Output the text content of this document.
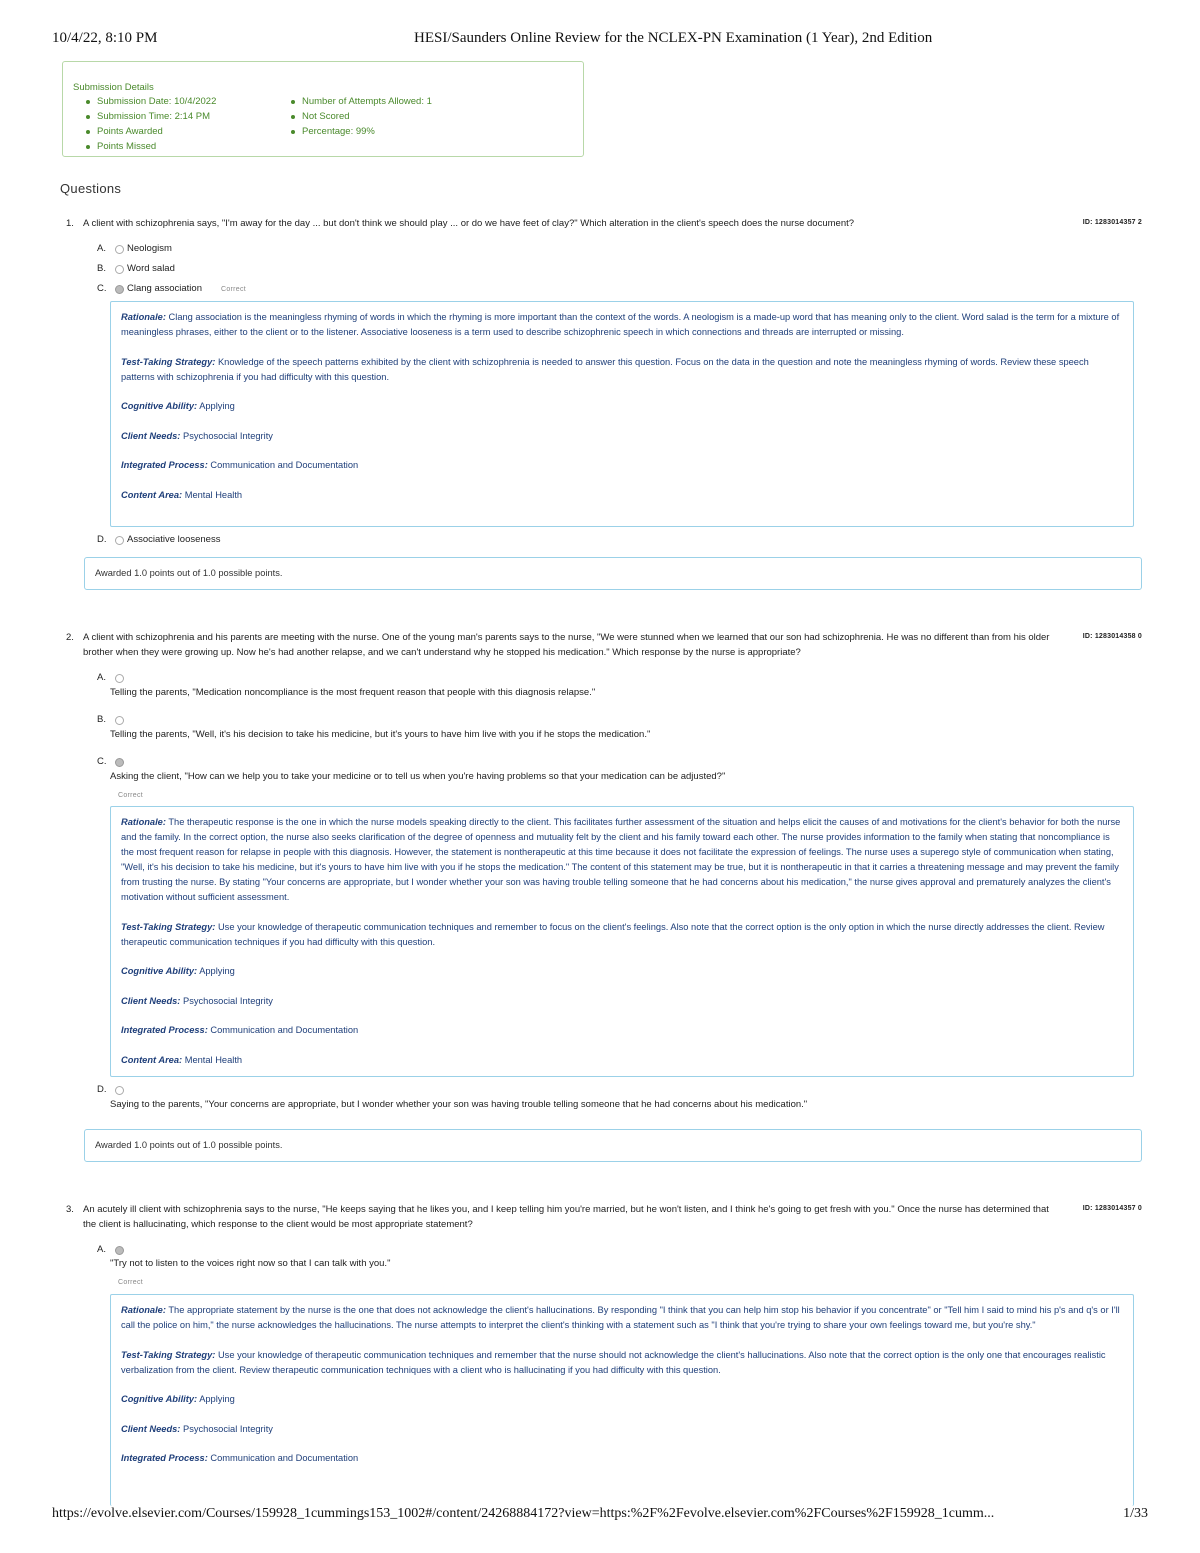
10/4/22, 8:10 PM	HESI/Saunders Online Review for the NCLEX-PN Examination (1 Year), 2nd Edition
Submission Details
Submission Date: 10/4/2022
Submission Time: 2:14 PM
Points Awarded
Points Missed
Number of Attempts Allowed: 1
Not Scored
Percentage: 99%
Questions
1. A client with schizophrenia says, "I'm away for the day ... but don't think we should play ... or do we have feet of clay?" Which alteration in the client's speech does the nurse document?	ID: 1283014357 2
A. Neologism
B. Word salad
C. Clang association	Correct

Rationale: Clang association is the meaningless rhyming of words in which the rhyming is more important than the context of the words. A neologism is a made-up word that has meaning only to the client. Word salad is the term for a mixture of meaningless phrases, either to the client or to the listener. Associative looseness is a term used to describe schizophrenic speech in which connections and threads are interrupted or missing.

Test-Taking Strategy: Knowledge of the speech patterns exhibited by the client with schizophrenia is needed to answer this question. Focus on the data in the question and note the meaningless rhyming of words. Review these speech patterns with schizophrenia if you had difficulty with this question.

Cognitive Ability: Applying

Client Needs: Psychosocial Integrity

Integrated Process: Communication and Documentation

Content Area: Mental Health

D. Associative looseness
Awarded 1.0 points out of 1.0 possible points.
2. A client with schizophrenia and his parents are meeting with the nurse. One of the young man's parents says to the nurse, "We were stunned when we learned that our son had schizophrenia. He was no different than from his older brother when they were growing up. Now he's had another relapse, and we can't understand why he stopped his medication." Which response by the nurse is appropriate?
ID: 1283014358 0
A.
Telling the parents, "Medication noncompliance is the most frequent reason that people with this diagnosis relapse."
B.
Telling the parents, "Well, it's his decision to take his medicine, but it's yours to have him live with you if he stops the medication."
C.
Asking the client, "How can we help you to take your medicine or to tell us when you're having problems so that your medication can be adjusted?"
Correct

Rationale: The therapeutic response is the one in which the nurse models speaking directly to the client. This facilitates further assessment of the situation and helps elicit the causes of and motivations for the client's behavior for both the nurse and the family. In the correct option, the nurse also seeks clarification of the degree of openness and mutuality felt by the client and his family toward each other. The nurse provides information to the family when stating that noncompliance is the most frequent reason for relapse in people with this diagnosis. However, the statement is nontherapeutic at this time because it does not facilitate the expression of feelings. The nurse uses a superego style of communication when stating, "Well, it's his decision to take his medicine, but it's yours to have him live with you if he stops the medication." The content of this statement may be true, but it is nontherapeutic in that it carries a threatening message and may prevent the family from trusting the nurse. By stating "Your concerns are appropriate, but I wonder whether your son was having trouble telling someone that he had concerns about his medication," the nurse gives approval and prematurely analyzes the client's motivation without sufficient assessment.

Test-Taking Strategy: Use your knowledge of therapeutic communication techniques and remember to focus on the client's feelings. Also note that the correct option is the only option in which the nurse directly addresses the client. Review therapeutic communication techniques if you had difficulty with this question.

Cognitive Ability: Applying

Client Needs: Psychosocial Integrity

Integrated Process: Communication and Documentation

Content Area: Mental Health

D.
Saying to the parents, "Your concerns are appropriate, but I wonder whether your son was having trouble telling someone that he had concerns about his medication."
Awarded 1.0 points out of 1.0 possible points.
3. An acutely ill client with schizophrenia says to the nurse, "He keeps saying that he likes you, and I keep telling him you're married, but he won't listen, and I think he's going to get fresh with you." Once the nurse has determined that the client is hallucinating, which response to the client would be most appropriate statement?
ID: 1283014357 0
A.
"Try not to listen to the voices right now so that I can talk with you."
Correct

Rationale: The appropriate statement by the nurse is the one that does not acknowledge the client's hallucinations. By responding "I think that you can help him stop his behavior if you concentrate" or "Tell him I said to mind his p's and q's or I'll call the police on him," the nurse acknowledges the hallucinations. The nurse attempts to interpret the client's thinking with a statement such as "I think that you're trying to share your own feelings toward me, but you're shy."

Test-Taking Strategy: Use your knowledge of therapeutic communication techniques and remember that the nurse should not acknowledge the client's hallucinations. Also note that the correct option is the only one that encourages realistic verbalization from the client. Review therapeutic communication techniques with a client who is hallucinating if you had difficulty with this question.

Cognitive Ability: Applying

Client Needs: Psychosocial Integrity

Integrated Process: Communication and Documentation

https://evolve.elsevier.com/Courses/159928_1cummings153_1002#/content/24268884172?view=https:%2F%2Fevolve.elsevier.com%2FCourses%2F159928_1cumm...	1/33
